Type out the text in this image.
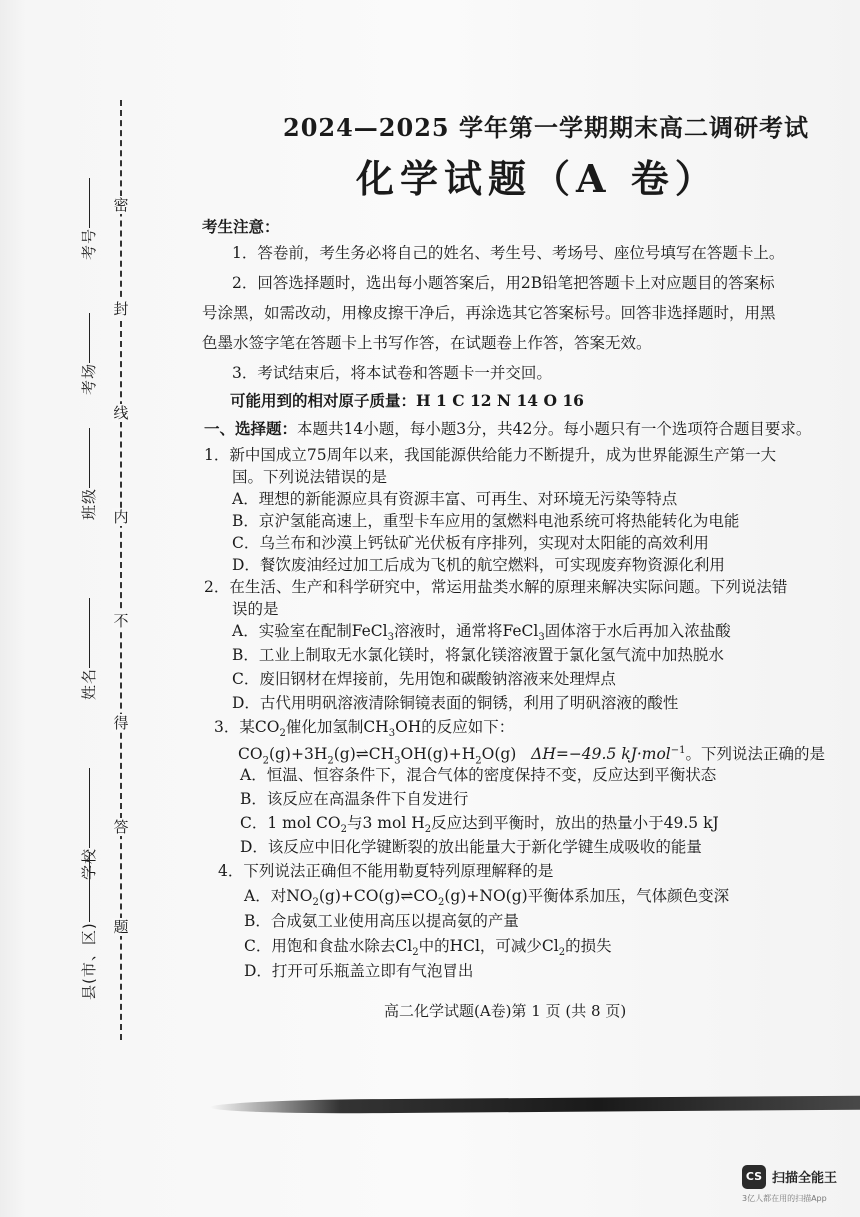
密
封
线
内
不
得
答
题
考号
考场
班级
姓名
学校
县(市、区)
2024—2025 学年第一学期期末高二调研考试
化学试题（A 卷）
考生注意：
1．答卷前，考生务必将自己的姓名、考生号、考场号、座位号填写在答题卡上。
2．回答选择题时，选出每小题答案后，用2B铅笔把答题卡上对应题目的答案标
号涂黑，如需改动，用橡皮擦干净后，再涂选其它答案标号。回答非选择题时，用黑
色墨水签字笔在答题卡上书写作答，在试题卷上作答，答案无效。
3．考试结束后，将本试卷和答题卡一并交回。
可能用到的相对原子质量：H 1 C 12 N 14 O 16
一、选择题：本题共14小题，每小题3分，共42分。每小题只有一个选项符合题目要求。
1．新中国成立75周年以来，我国能源供给能力不断提升，成为世界能源生产第一大
国。下列说法错误的是
A．理想的新能源应具有资源丰富、可再生、对环境无污染等特点
B．京沪氢能高速上，重型卡车应用的氢燃料电池系统可将热能转化为电能
C．乌兰布和沙漠上钙钛矿光伏板有序排列，实现对太阳能的高效利用
D．餐饮废油经过加工后成为飞机的航空燃料，可实现废弃物资源化利用
2．在生活、生产和科学研究中，常运用盐类水解的原理来解决实际问题。下列说法错
误的是
A．实验室在配制FeCl$_3$溶液时，通常将FeCl$_3$固体溶于水后再加入浓盐酸
B．工业上制取无水氯化镁时，将氯化镁溶液置于氯化氢气流中加热脱水
C．废旧钢材在焊接前，先用饱和碳酸钠溶液来处理焊点
D．古代用明矾溶液清除铜镜表面的铜锈，利用了明矾溶液的酸性
3．某$CO_2$催化加氢制$CH_3OH$的反应如下：
$CO_2(g)+3H_2(g)\rightleftharpoons CH_3OH(g)+H_2O(g)$ ΔH=−49.5 kJ·mol$^{-1}$。下列说法正确的是
A．恒温、恒容条件下，混合气体的密度保持不变，反应达到平衡状态
B．该反应在高温条件下自发进行
C．1 mol $CO_2$与3 mol $H_2$反应达到平衡时，放出的热量小于49.5 kJ
D．该反应中旧化学键断裂的放出能量大于新化学键生成吸收的能量
4．下列说法正确但不能用勒夏特列原理解释的是
A．对$NO_2(g)+CO(g)\rightleftharpoons CO_2(g)+NO(g)$平衡体系加压，气体颜色变深
高二化学试题(A卷)第 1 页 (共 8 页)
CS 扫描全能王
3亿人都在用的扫描App
B．合成氨工业使用高压以提高氨的产量
C．用饱和食盐水除去$Cl_2$中的HCl，可减少$Cl_2$的损失
D．打开可乐瓶盖立即有气泡冒出
